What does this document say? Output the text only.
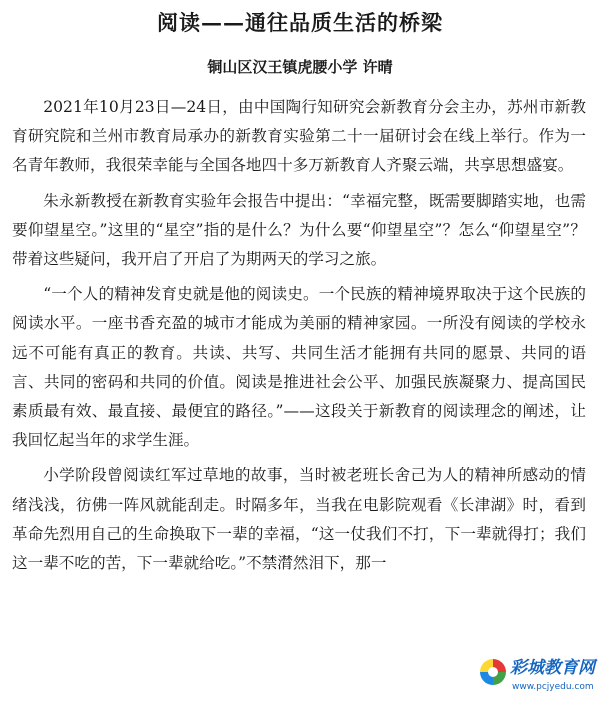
阅读——通往品质生活的桥梁
铜山区汉王镇虎腰小学 许晴

2021年10月23日—24日，由中国陶行知研究会新教育分会主办，苏州市新教育研究院和兰州市教育局承办的新教育实验第二十一届研讨会在线上举行。作为一名青年教师，我很荣幸能与全国各地四十多万新教育人齐聚云端，共享思想盛宴。

朱永新教授在新教育实验年会报告中提出：“幸福完整，既需要脚踏实地，也需要仰望星空。”这里的“星空”指的是什么？为什么要“仰望星空”？怎么“仰望星空”？带着这些疑问，我开启了开启了为期两天的学习之旅。

“一个人的精神发育史就是他的阅读史。一个民族的精神境界取决于这个民族的阅读水平。一座书香充盈的城市才能成为美丽的精神家园。一所没有阅读的学校永远不可能有真正的教育。共读、共写、共同生活才能拥有共同的愿景、共同的语言、共同的密码和共同的价值。阅读是推进社会公平、加强民族凝聚力、提高国民素质最有效、最直接、最便宜的路径。”——这段关于新教育的阅读理念的阐述，让我回忆起当年的求学生涯。

小学阶段曾阅读红军过草地的故事，当时被老班长舍己为人的精神所感动的情绪浅浅，彷佛一阵风就能刮走。时隔多年，当我在电影院观看《长津湖》时，看到革命先烈用自己的生命换取下一辈的幸福，“这一仗我们不打，下一辈就得打；我们这一辈不吃的苦，下一辈就给吃。”不禁潸然泪下，那一

彩城教育网
www.pcjyedu.com
